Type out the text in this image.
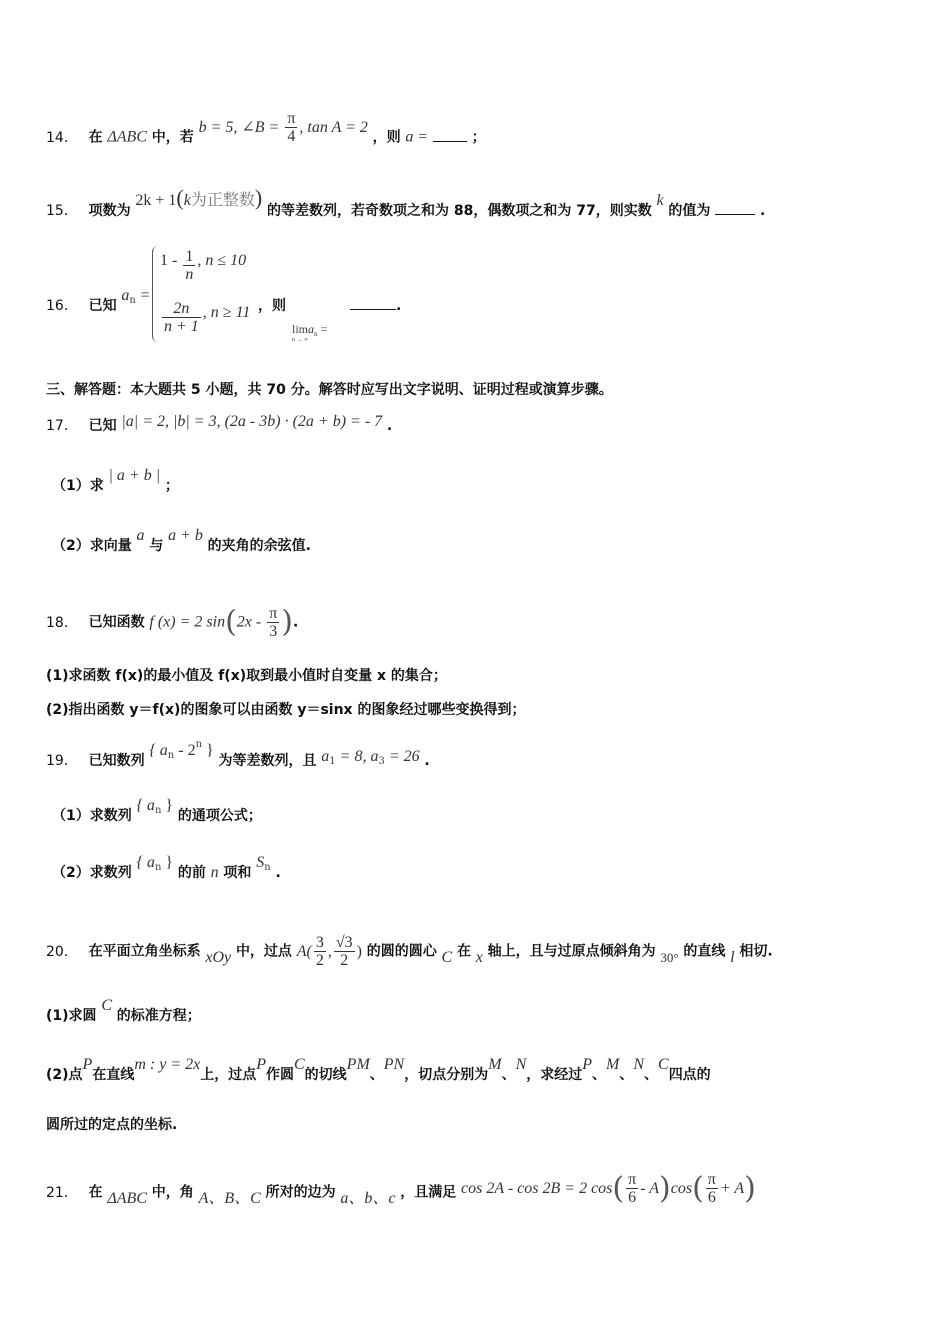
14． 在 ΔABC 中，若 b = 5, ∠B = $\frac{\pi}{4}$ , tan A = 2 ，则 a =	；
15． 项数为 2k + 1(k为正整数) 的等差数列，若奇数项之和为 88，偶数项之和为 77，则实数 k 的值为	.
16． 已知 $a_n$ =
$1 - \frac{1}{n}$ , n ≤ 10
$\frac{2n}{n + 1}$ , n ≥ 11 ，则
lima$_n$ =
n → ∞
.
三、解答题：本大题共 5 小题，共 70 分。解答时应写出文字说明、证明过程或演算步骤。
17． 已知 |a| = 2, |b| = 3, (2a - 3b) · (2a + b) = - 7 .
（1）求 | a + b | ；
（2）求向量 a 与 a + b 的夹角的余弦值.
18． 已知函数 f (x) = 2 $\sin(2x - \frac{\pi}{3}$ ).
(1)求函数 f(x)的最小值及 f(x)取到最小值时自变量 x 的集合；
(2)指出函数 y＝f(x)的图象可以由函数 y＝sinx 的图象经过哪些变换得到；
19． 已知数列 { $a_n - 2^n$ } 为等差数列，且 $a_1 = 8$, $a_3 = 26$ .
（1）求数列 { $a_n$ } 的通项公式；
（2）求数列 { $a_n$ } 的前 n 项和 $S_n$ .
20． 在平面立角坐标系 xOy 中，过点 $A( \frac{3}{2}$ , $\frac{√3}{2}$ ) 的圆的圆心 C 在 x 轴上，且与过原点倾斜角为 30° 的直线 l 相切.
(1)求圆 C 的标准方程；
(2)点P在直线m : y = 2x上，过点P作圆C的切线PM、PN，切点分别为M、N，求经过P、M、N、C四点的
圆所过的定点的坐标.
21． 在 ΔABC 中，角 A、B、C 所对的边为 a、b、c ，且满足 cos 2A - cos 2B = 2 $\cos( \frac{\pi}{6} - A)\cos( \frac{\pi}{6} + A)$
